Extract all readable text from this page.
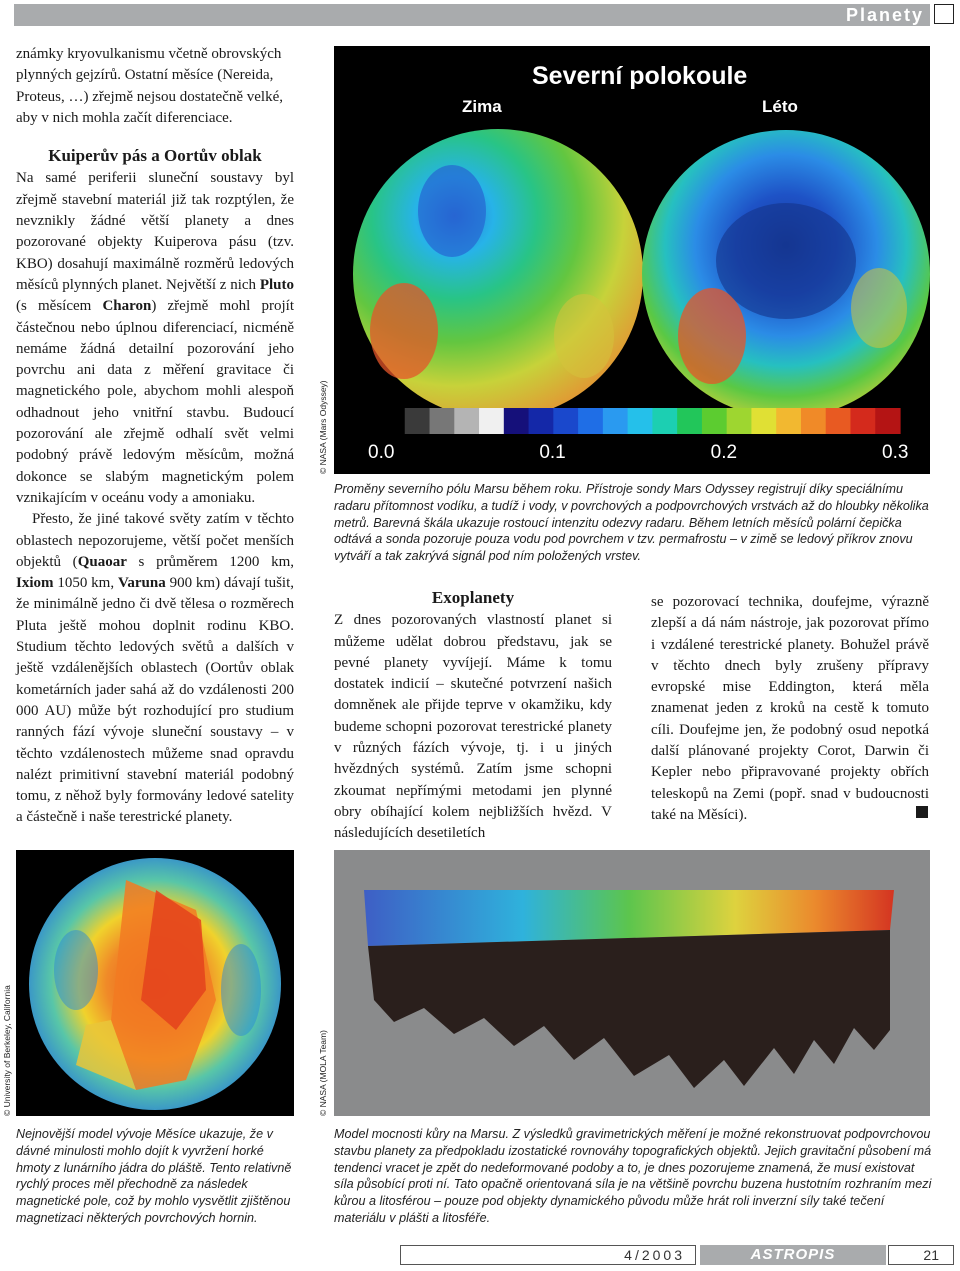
Planety

známky kryovulkanismu včetně obrovských plynných gejzírů. Ostatní měsíce (Nereida, Proteus, …) zřejmě nejsou dostatečně velké, aby v nich mohla začít diferenciace.

Kuiperův pás a Oortův oblak

Na samé periferii sluneční soustavy byl zřejmě stavební materiál již tak rozptýlen, že nevznikly žádné větší planety a dnes pozorované objekty Kuiperova pásu (tzv. KBO) dosahují maximálně rozměrů ledových měsíců plynných planet. Největší z nich Pluto (s měsícem Charon) zřejmě mohl projít částečnou nebo úplnou diferenciací, nicméně nemáme žádná detailní pozorování jeho povrchu ani data z měření gravitace či magnetického pole, abychom mohli alespoň odhadnout jeho vnitřní stavbu. Budoucí pozorování ale zřejmě odhalí svět velmi podobný právě ledovým měsícům, možná dokonce se slabým magnetickým polem vznikajícím v oceánu vody a amoniaku.

Přesto, že jiné takové světy zatím v těchto oblastech nepozorujeme, větší počet menších objektů (Quaoar s průměrem 1200 km, Ixiom 1050 km, Varuna 900 km) dávají tušit, že minimálně jedno či dvě tělesa o rozměrech Pluta ještě mohou doplnit rodinu KBO. Studium těchto ledových světů a dalších v ještě vzdálenějších oblastech (Oortův oblak kometárních jader sahá až do vzdálenosti 200 000 AU) může být rozhodující pro studium ranných fází vývoje sluneční soustavy – v těchto vzdálenostech můžeme snad opravdu nalézt primitivní stavební materiál podobný tomu, z něhož byly formovány ledové satelity a částečně i naše terestrické planety.

Severní polokoule
Zima	Léto
0.0	0.1	0.2	0.3
© NASA (Mars Odyssey)

Proměny severního pólu Marsu během roku. Přístroje sondy Mars Odyssey registrují díky speciálnímu radaru přítomnost vodíku, a tudíž i vody, v povrchových a podpovrchových vrstvách až do hloubky několika metrů. Barevná škála ukazuje rostoucí intenzitu odezvy radaru. Během letních měsíců polární čepička odtává a sonda pozoruje pouza vodu pod povrchem v tzv. permafrostu – v zimě se ledový příkrov znovu vytváří a tak zakrývá signál pod ním položených vrstev.

Exoplanety

Z dnes pozorovaných vlastností planet si můžeme udělat dobrou představu, jak se pevné planety vyvíjejí. Máme k tomu dostatek indicií – skutečné potvrzení našich domněnek ale přijde teprve v okamžiku, kdy budeme schopni pozorovat terestrické planety v různých fázích vývoje, tj. i u jiných hvězdných systémů. Zatím jsme schopni zkoumat nepřímými metodami jen plynné obry obíhající kolem nejbližších hvězd. V následujících desetiletích

se pozorovací technika, doufejme, výrazně zlepší a dá nám nástroje, jak pozorovat přímo i vzdálené terestrické planety. Bohužel právě v těchto dnech byly zrušeny přípravy evropské mise Eddington, která měla znamenat jeden z kroků na cestě k tomuto cíli. Doufejme jen, že podobný osud nepotká další plánované projekty Corot, Darwin či Kepler nebo připravované projekty obřích teleskopů na Zemi (popř. snad v budoucnosti také na Měsíci).

© University of Berkeley, California

Nejnovější model vývoje Měsíce ukazuje, že v dávné minulosti mohlo dojít k vyvržení horké hmoty z lunárního jádra do pláště. Tento relativně rychlý proces měl přechodně za následek magnetické pole, což by mohlo vysvětlit zjištěnou magnetizaci některých povrchových hornin.

© NASA (MOLA Team)

Model mocnosti kůry na Marsu. Z výsledků gravimetrických měření je možné rekonstruovat podpovrchovou stavbu planety za předpokladu izostatické rovnováhy topografických objektů. Jejich gravitační působení má tendenci vracet je zpět do nedeformované podoby a to, je dnes pozorujeme znamená, že musí existovat síla působící proti ní. Tato opačně orientovaná síla je na většině povrchu buzena hustotním rozhraním mezi kůrou a litosférou – pouze pod objekty dynamického původu může hrát roli inverzní síly také tečení materiálu v plášti a litosféře.

4/2003	ASTROPIS	21
